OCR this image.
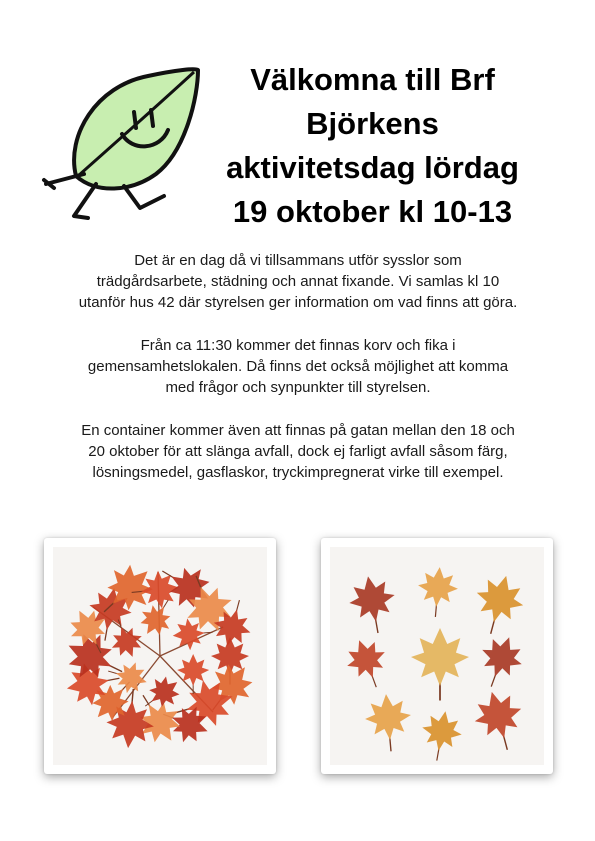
Välkomna till Brf
Björkens
aktivitetsdag lördag
19 oktober kl 10-13

Det är en dag då vi tillsammans utför sysslor som trädgårdsarbete, städning och annat fixande. Vi samlas kl 10 utanför hus 42 där styrelsen ger information om vad finns att göra.

Från ca 11:30 kommer det finnas korv och fika i gemensamhetslokalen. Då finns det också möjlighet att komma med frågor och synpunkter till styrelsen.

En container kommer även att finnas på gatan mellan den 18 och 20 oktober för att slänga avfall, dock ej farligt avfall såsom färg, lösningsmedel, gasflaskor, tryckimpregnerat virke till exempel.
